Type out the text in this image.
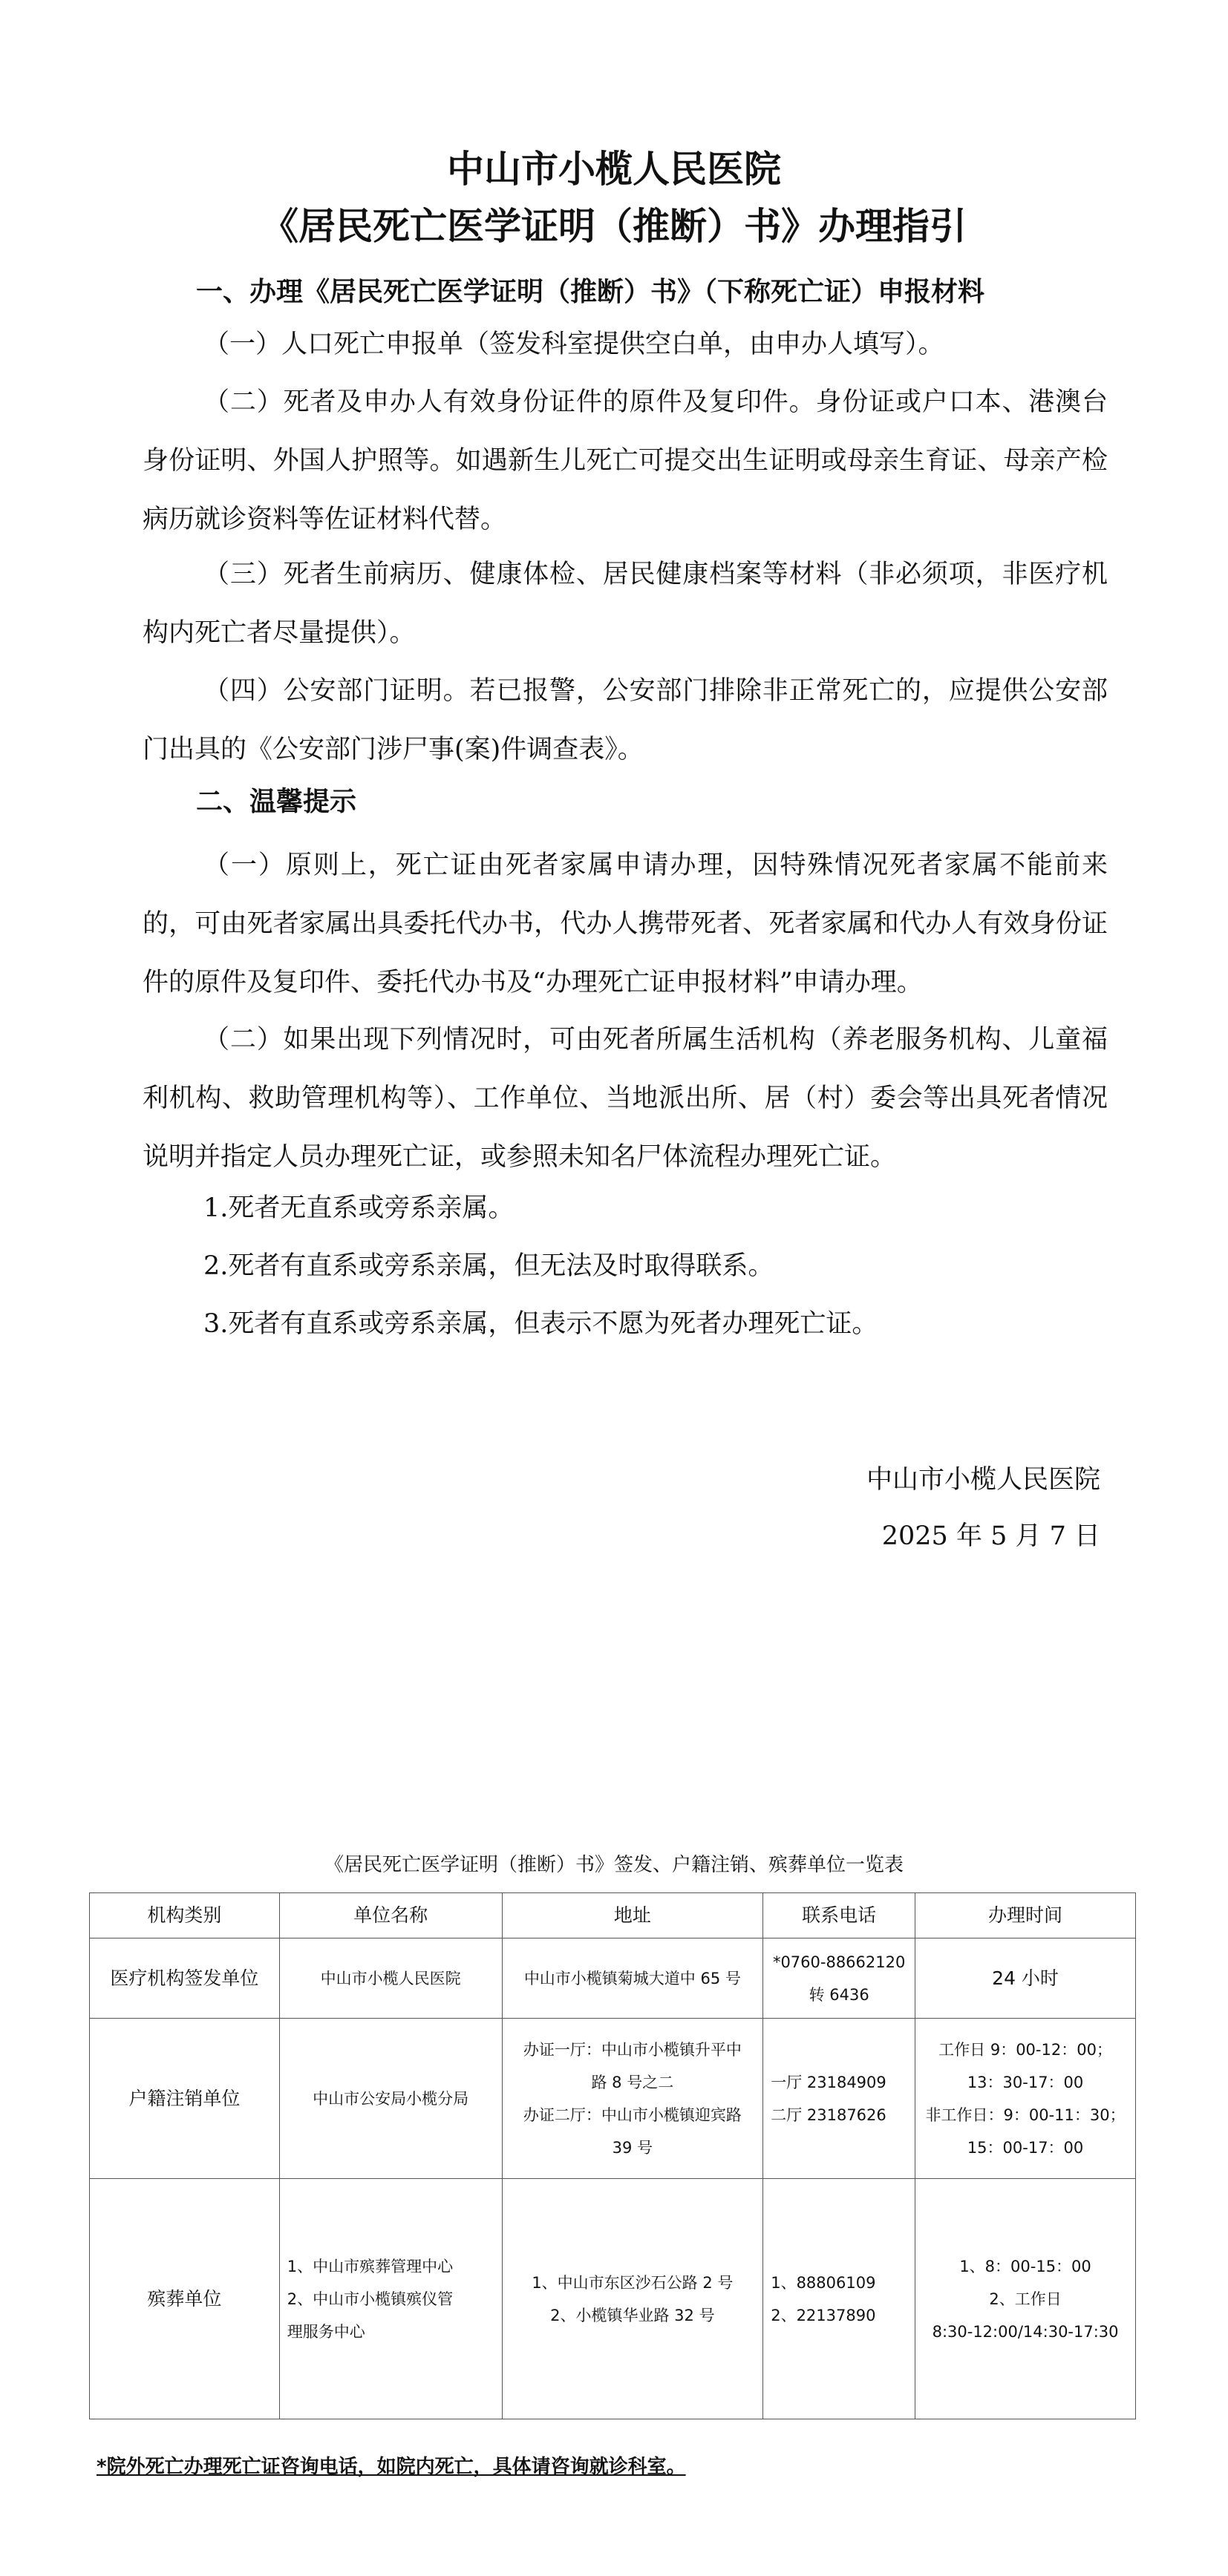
中山市小榄人民医院
《居民死亡医学证明（推断）书》办理指引
一、办理《居民死亡医学证明（推断）书》（下称死亡证）申报材料

（一）人口死亡申报单（签发科室提供空白单，由申办人填写）。

（二）死者及申办人有效身份证件的原件及复印件。身份证或户口本、港澳台身份证明、外国人护照等。如遇新生儿死亡可提交出生证明或母亲生育证、母亲产检病历就诊资料等佐证材料代替。

（三）死者生前病历、健康体检、居民健康档案等材料（非必须项，非医疗机构内死亡者尽量提供）。

（四）公安部门证明。若已报警，公安部门排除非正常死亡的，应提供公安部门出具的《公安部门涉尸事(案)件调查表》。

二、温馨提示

（一）原则上，死亡证由死者家属申请办理，因特殊情况死者家属不能前来的，可由死者家属出具委托代办书，代办人携带死者、死者家属和代办人有效身份证件的原件及复印件、委托代办书及“办理死亡证申报材料”申请办理。

（二）如果出现下列情况时，可由死者所属生活机构（养老服务机构、儿童福利机构、救助管理机构等）、工作单位、当地派出所、居（村）委会等出具死者情况说明并指定人员办理死亡证，或参照未知名尸体流程办理死亡证。

1.死者无直系或旁系亲属。

2.死者有直系或旁系亲属，但无法及时取得联系。

3.死者有直系或旁系亲属，但表示不愿为死者办理死亡证。

中山市小榄人民医院

2025 年 5 月 7 日

《居民死亡医学证明（推断）书》签发、户籍注销、殡葬单位一览表

机构类别	单位名称	地址	联系电话	办理时间
医疗机构签发单位	中山市小榄人民医院	中山市小榄镇菊城大道中 65 号	*0760-88662120
转 6436	24 小时

户籍注销单位	中山市公安局小榄分局	办证一厅：中山市小榄镇升平中
路 8 号之二
办证二厅：中山市小榄镇迎宾路
39 号	一厅 23184909
二厅 23187626	工作日 9：00-12：00；
13：30-17：00
非工作日：9：00-11：30；
15：00-17：00

殡葬单位	1、中山市殡葬管理中心
2、中山市小榄镇殡仪管
理服务中心	1、中山市东区沙石公路 2 号
2、小榄镇华业路 32 号	1、88806109
2、22137890	1、8：00-15：00
2、工作日
8:30-12:00/14:30-17:30

*院外死亡办理死亡证咨询电话，如院内死亡，具体请咨询就诊科室。
